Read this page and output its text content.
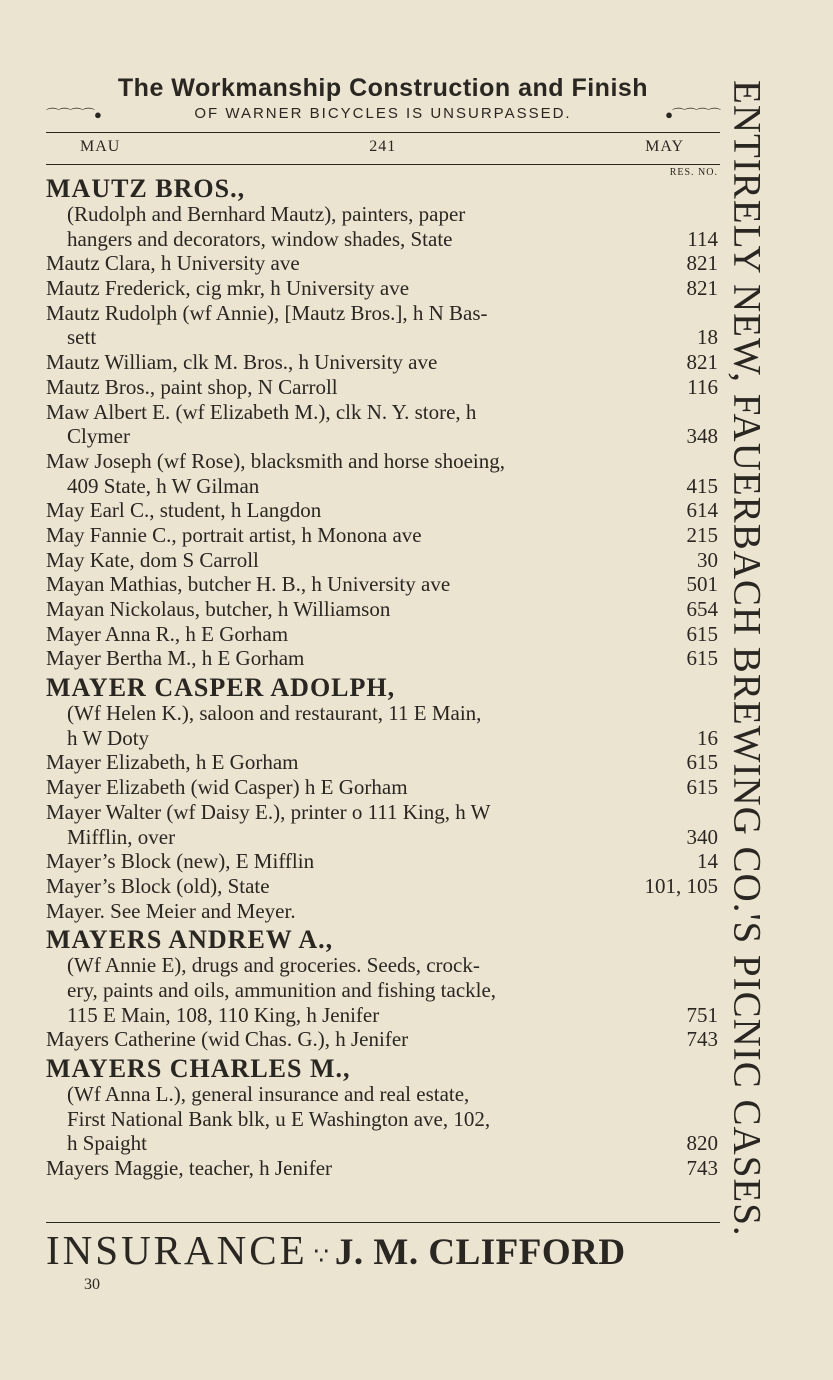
The Workmanship Construction and Finish
⌒⌒⌒⌒●	OF WARNER BICYCLES IS UNSURPASSED.	●⌒⌒⌒⌒
MAU	241	MAY
RES. NO.
MAUTZ BROS.,
(Rudolph and Bernhard Mautz), painters, paper
hangers and decorators, window shades, State	114
Mautz Clara, h University ave	821
Mautz Frederick, cig mkr, h University ave	821
Mautz Rudolph (wf Annie), [Mautz Bros.], h N Bas-
sett	18
Mautz William, clk M. Bros., h University ave	821
Mautz Bros., paint shop, N Carroll	116
Maw Albert E. (wf Elizabeth M.), clk N. Y. store, h
Clymer	348
Maw Joseph (wf Rose), blacksmith and horse shoeing,
409 State, h W Gilman	415
May Earl C., student, h Langdon	614
May Fannie C., portrait artist, h Monona ave	215
May Kate, dom S Carroll	30
Mayan Mathias, butcher H. B., h University ave	501
Mayan Nickolaus, butcher, h Williamson	654
Mayer Anna R., h E Gorham	615
Mayer Bertha M., h E Gorham	615
MAYER CASPER ADOLPH,
(Wf Helen K.), saloon and restaurant, 11 E Main,
h W Doty	16
Mayer Elizabeth, h E Gorham	615
Mayer Elizabeth (wid Casper) h E Gorham	615
Mayer Walter (wf Daisy E.), printer o 111 King, h W
Mifflin, over	340
Mayer’s Block (new), E Mifflin	14
Mayer’s Block (old), State	101, 105
Mayer. See Meier and Meyer.
MAYERS ANDREW A.,
(Wf Annie E), drugs and groceries. Seeds, crock-
ery, paints and oils, ammunition and fishing tackle,
115 E Main, 108, 110 King, h Jenifer	751
Mayers Catherine (wid Chas. G.), h Jenifer	743
MAYERS CHARLES M.,
(Wf Anna L.), general insurance and real estate,
First National Bank blk, u E Washington ave, 102,
h Spaight	820
Mayers Maggie, teacher, h Jenifer	743 ENTIRELY NEW, FAUERBACH BREWING CO.'S PICNIC CASES.
INSURANCE ∵ J. M. CLIFFORD
30
